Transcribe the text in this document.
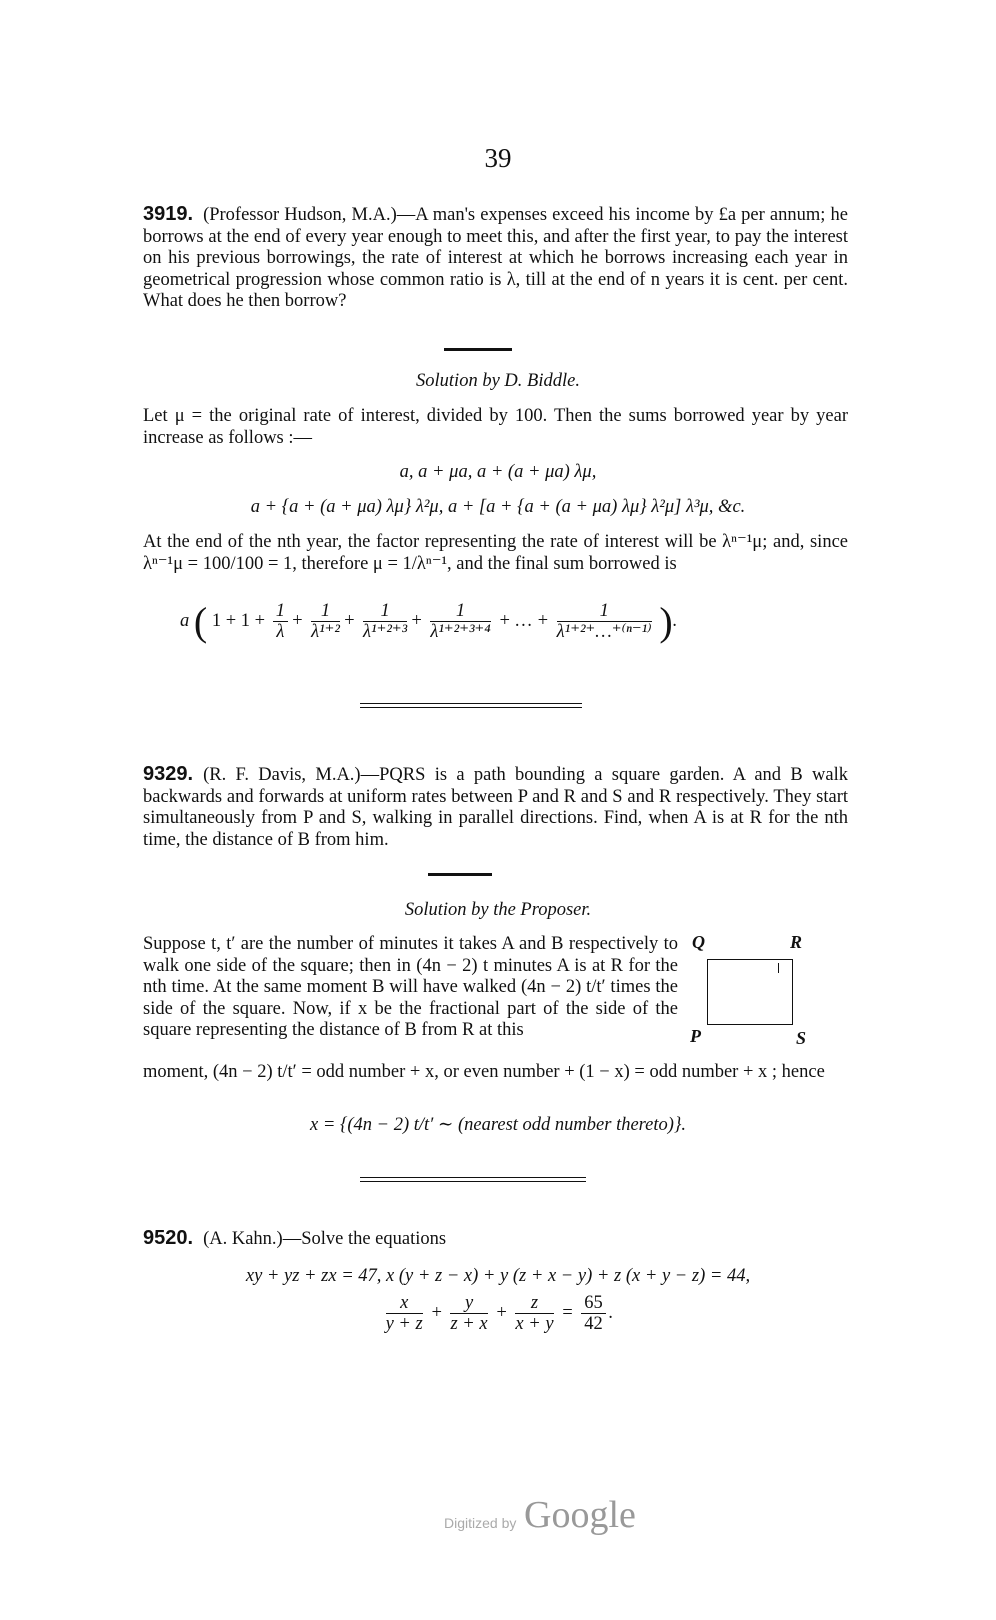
39

3919. (Professor Hudson, M.A.)—A man's expenses exceed his income by £a per annum; he borrows at the end of every year enough to meet this, and after the first year, to pay the interest on his previous borrowings, the rate of interest at which he borrows increasing each year in geometrical progression whose common ratio is λ, till at the end of n years it is cent. per cent. What does he then borrow?

Solution by D. Biddle.

Let μ = the original rate of interest, divided by 100. Then the sums borrowed year by year increase as follows :—

a, a + μa, a + (a + μa) λμ,
a + {a + (a + μa) λμ} λ²μ, a + [a + {a + (a + μa) λμ} λ²μ] λ³μ, &c.

At the end of the nth year, the factor representing the rate of interest will be λⁿ⁻¹μ; and, since λⁿ⁻¹μ = 100/100 = 1, therefore μ = 1/λⁿ⁻¹, and the final sum borrowed is

a ( $1 + 1 + \frac{1}{\lambda} + \frac{1}{\text{λ¹⁺²}} + \frac{1}{\text{λ¹⁺²⁺³}} + \frac{1}{\text{λ¹⁺²⁺³⁺⁴}}$ + … + $\frac{1}{\text{λ¹⁺²⁺…⁺⁽ⁿ⁻¹⁾}}$ ).

9329. (R. F. Davis, M.A.)—PQRS is a path bounding a square garden. A and B walk backwards and forwards at uniform rates between P and R and S and R respectively. They start simultaneously from P and S, walking in parallel directions. Find, when A is at R for the nth time, the distance of B from him.

Solution by the Proposer.

Suppose t, t′ are the number of minutes it takes A and B respectively to walk one side of the square; then in (4n − 2) t minutes A is at R for the nth time. At the same moment B will have walked (4n − 2) t/t′ times the side of the square. Now, if x be the fractional part of the side of the square representing the distance of B from R at this

moment, (4n − 2) t/t′ = odd number + x, or even number + (1 − x) = odd number + x ; hence

Q	R
P	S
x = {(4n − 2) t/t′ ∼ (nearest odd number thereto)}.

9520. (A. Kahn.)—Solve the equations

xy + yz + zx = 47, x (y + z − x) + y (z + x − y) + z (x + y − z) = 44,
$\frac{x}{y + z} + \frac{y}{z + x} + \frac{z}{x + y} = \frac{65}{42}$ .
Digitized by Google
